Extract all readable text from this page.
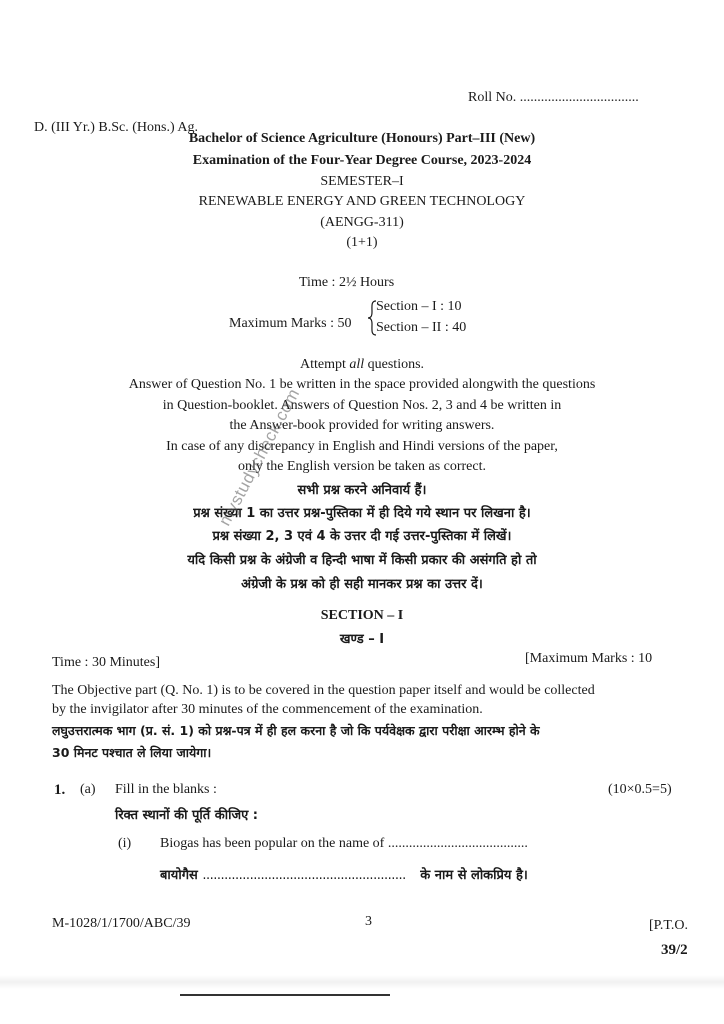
Roll No. ..................................
D. (III Yr.) B.Sc. (Hons.) Ag.
Bachelor of Science Agriculture (Honours) Part–III (New)
Examination of the Four-Year Degree Course, 2023-2024
SEMESTER–I
RENEWABLE ENERGY AND GREEN TECHNOLOGY
(AENGG-311)
(1+1)
Time : 2½ Hours
Maximum Marks : 50
Section – I : 10
Section – II : 40
Attempt all questions.
Answer of Question No. 1 be written in the space provided alongwith the questions
in Question-booklet. Answers of Question Nos. 2, 3 and 4 be written in
the Answer-book provided for writing answers.
In case of any discrepancy in English and Hindi versions of the paper,
only the English version be taken as correct.
सभी प्रश्न करने अनिवार्य हैं।
प्रश्न संख्या 1 का उत्तर प्रश्न-पुस्तिका में ही दिये गये स्थान पर लिखना है।
प्रश्न संख्या 2, 3 एवं 4 के उत्तर दी गई उत्तर-पुस्तिका में लिखें।
यदि किसी प्रश्न के अंग्रेजी व हिन्दी भाषा में किसी प्रकार की असंगति हो तो
अंग्रेजी के प्रश्न को ही सही मानकर प्रश्न का उत्तर दें।
SECTION – I
खण्ड – I
Time : 30 Minutes]	[Maximum Marks : 10
The Objective part (Q. No. 1) is to be covered in the question paper itself and would be collected
by the invigilator after 30 minutes of the commencement of the examination.
लघुउत्तरात्मक भाग (प्र. सं. 1) को प्रश्न-पत्र में ही हल करना है जो कि पर्यवेक्षक द्वारा परीक्षा आरम्भ होने के
30 मिनट पश्चात ले लिया जायेगा।
1. (a) Fill in the blanks :	(10×0.5=5)
रिक्त स्थानों की पूर्ति कीजिए :
(i) Biogas has been popular on the name of ........................................
बायोगैस ........................................................ के नाम से लोकप्रिय है।
M-1028/1/1700/ABC/39	3	[P.T.O.
39/2
mystudycheck.com
